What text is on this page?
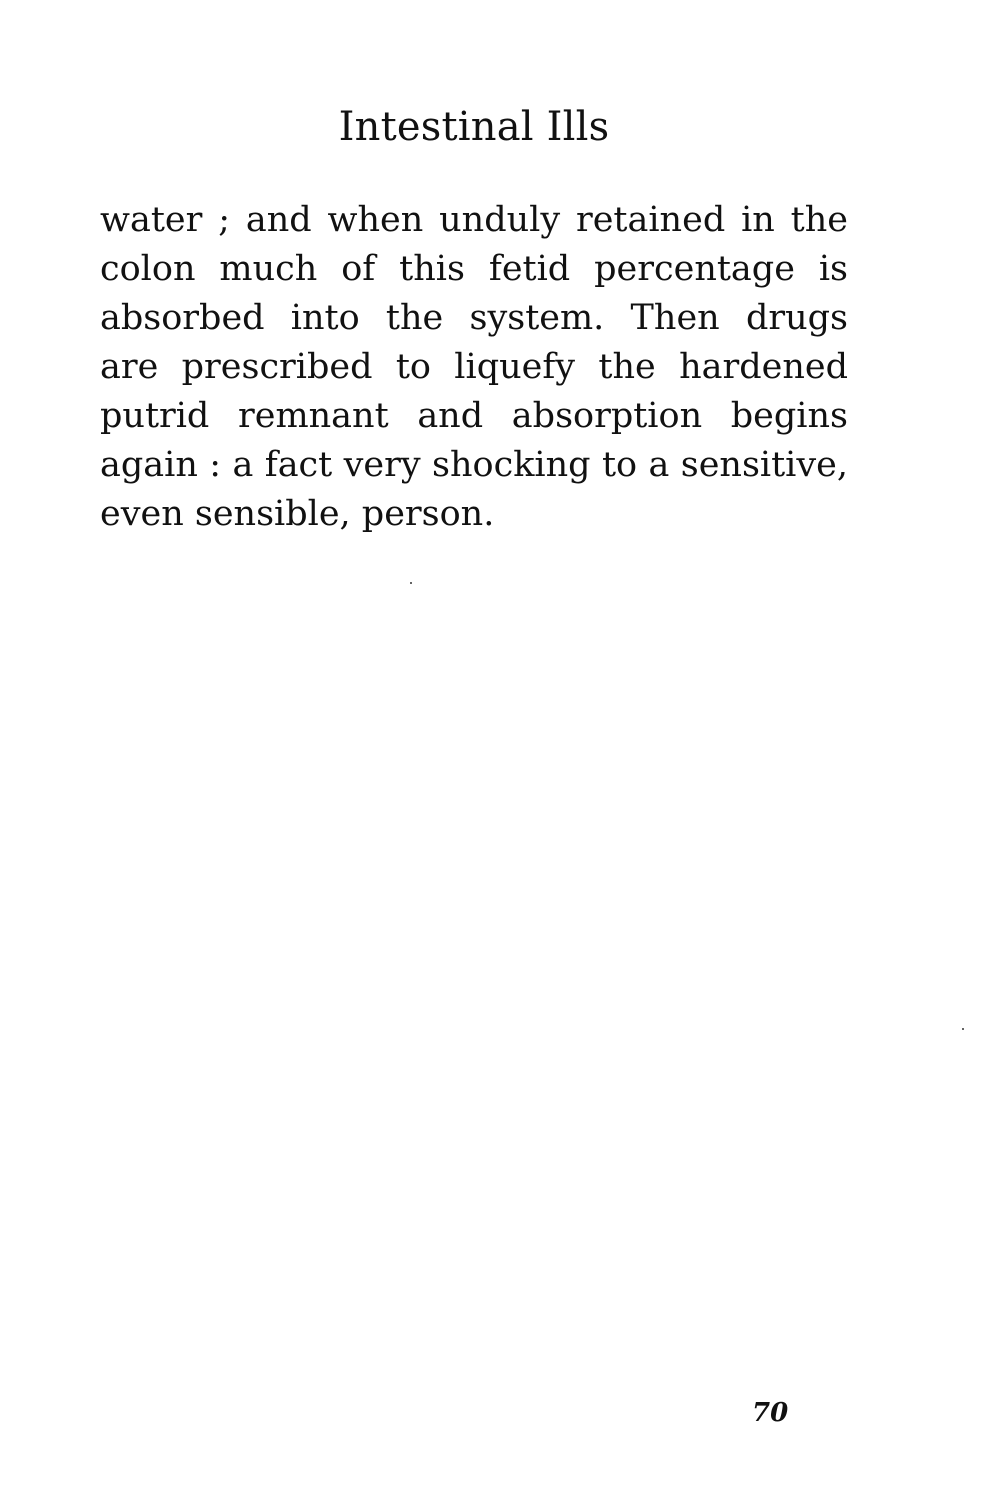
Intestinal Ills
water ; and when unduly retained in the
colon much of this fetid percentage is
absorbed into the system. Then drugs
are prescribed to liquefy the hardened
putrid remnant and absorption begins
again : a fact very shocking to a sensitive,
even sensible, person.
70
